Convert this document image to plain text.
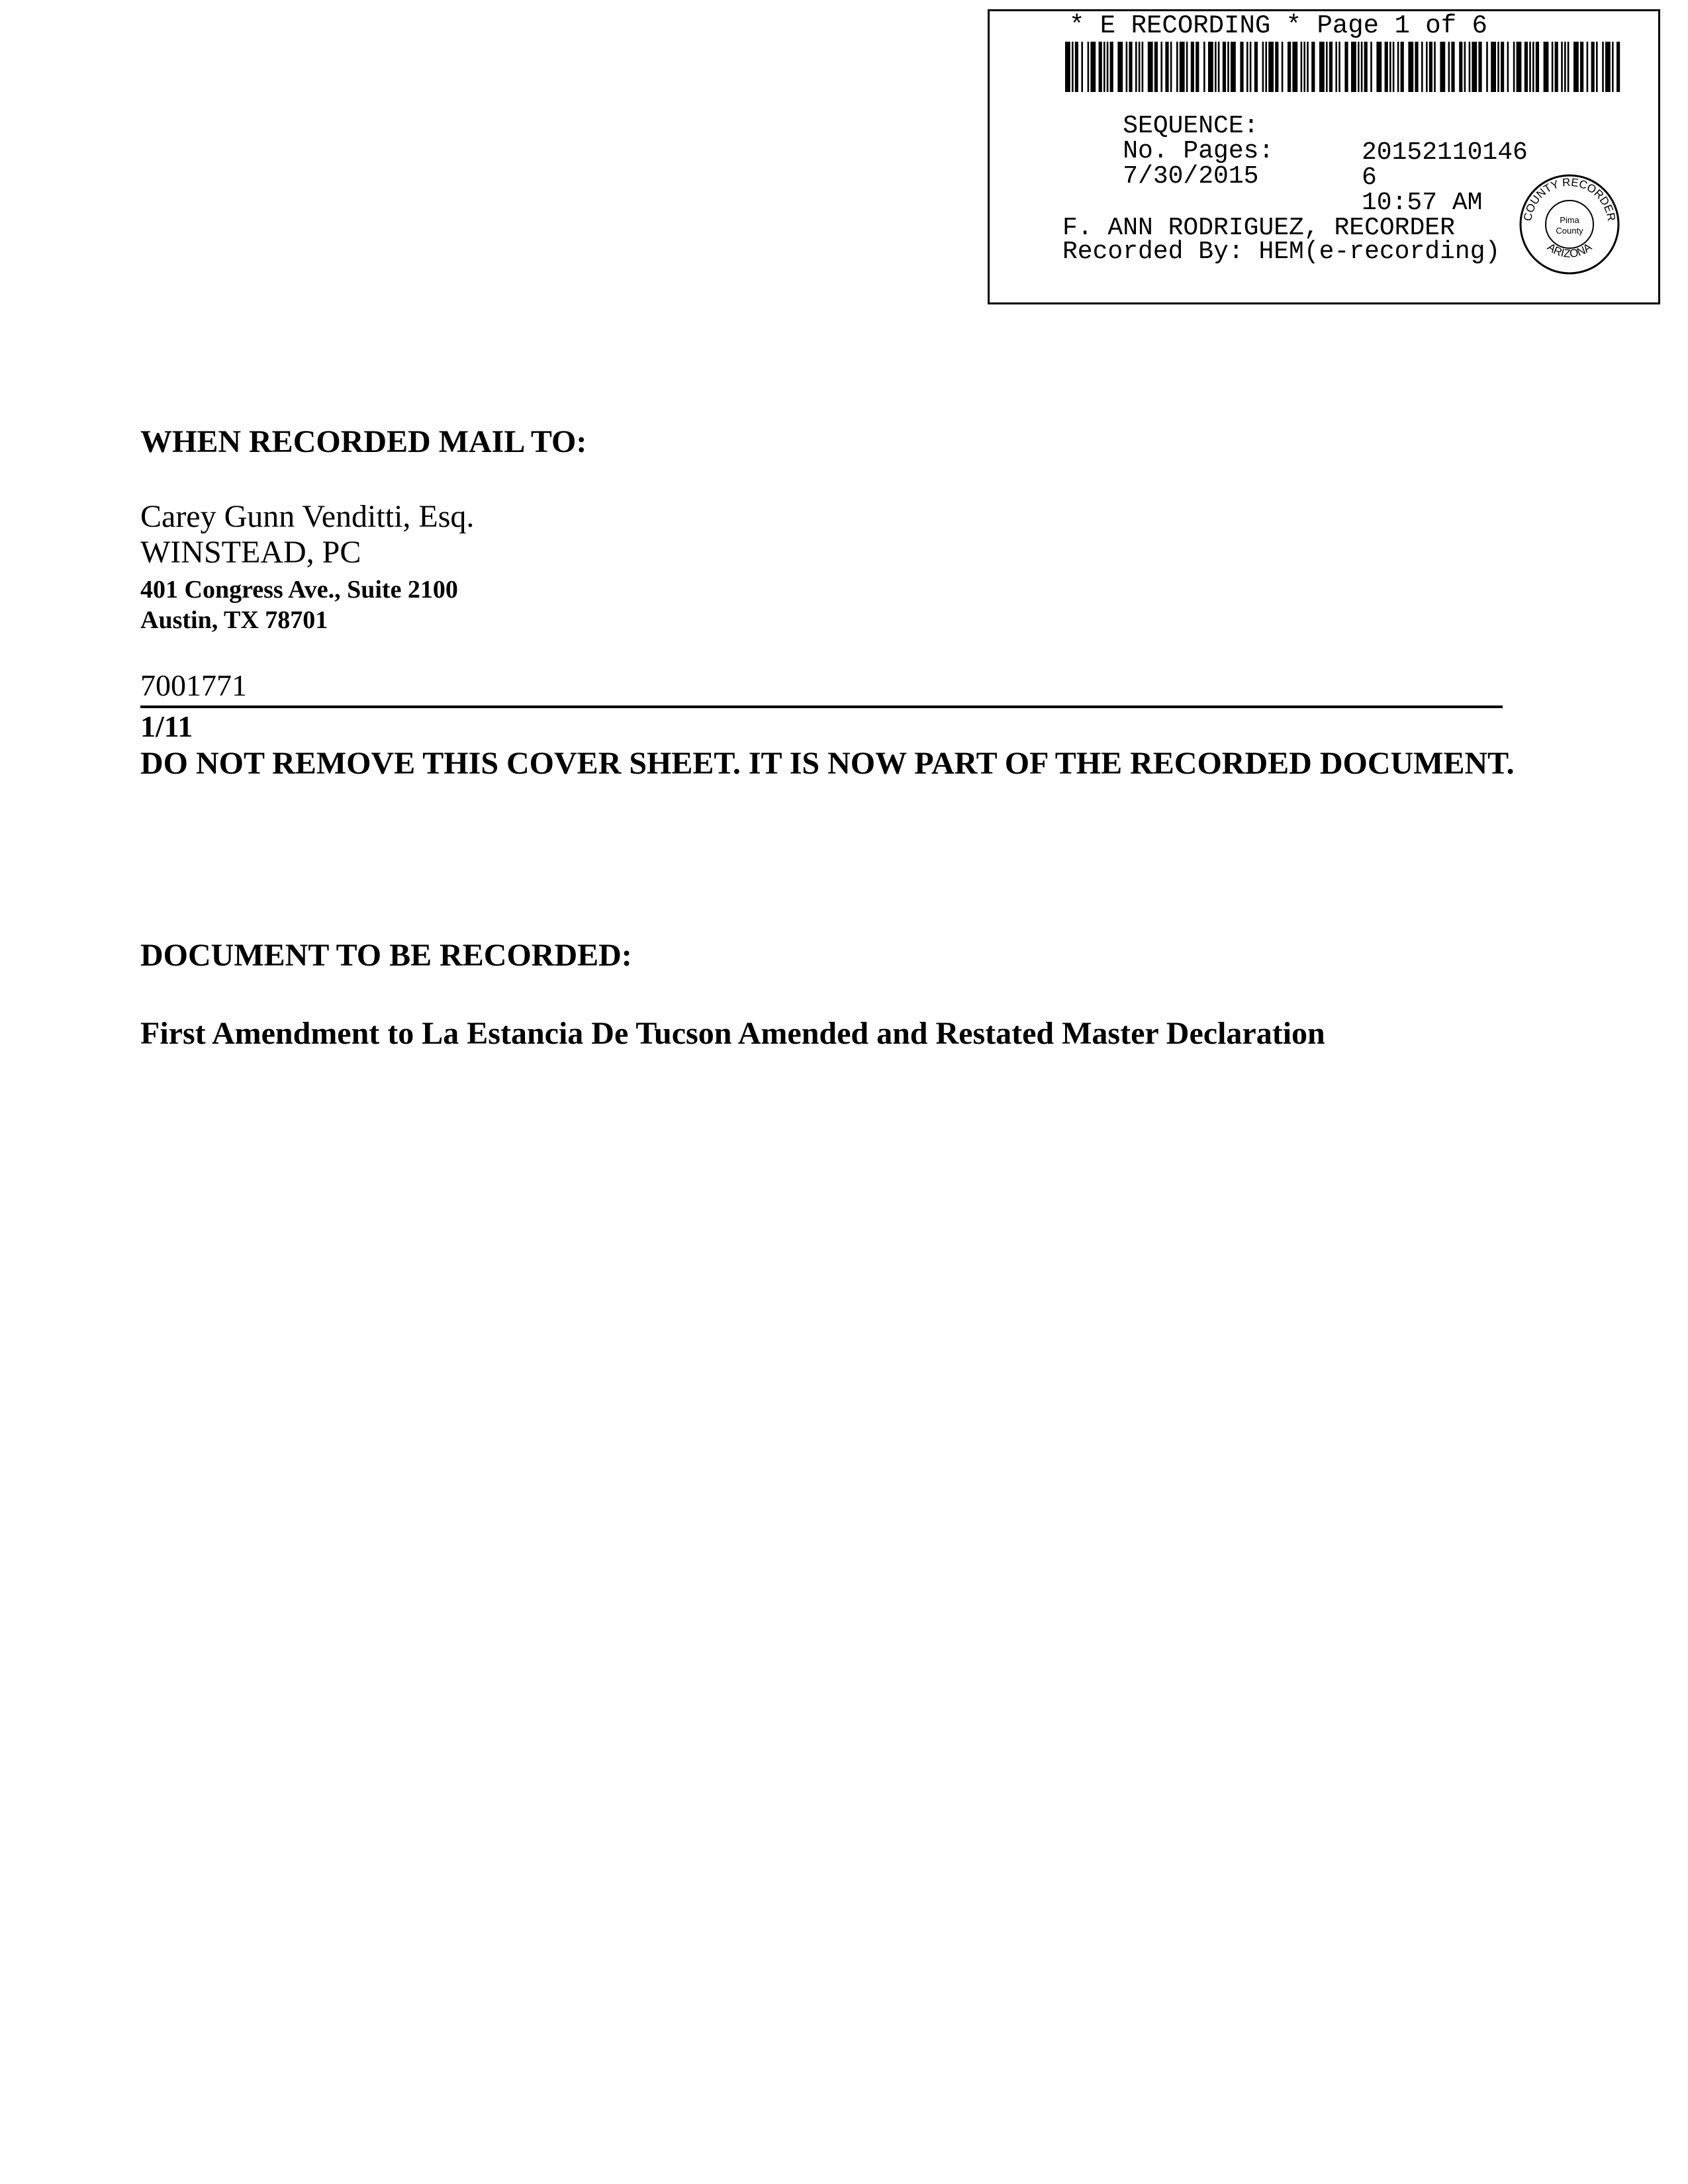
* E RECORDING * Page 1 of 6

SEQUENCE:

20152110146

No. Pages:

6

7/30/2015

10:57 AM

F. ANN RODRIGUEZ, RECORDER
Recorded By: HEM(e-recording)
COUNTY RECORDER
ARIZONA
Pima
County
WHEN RECORDED MAIL TO:
Carey Gunn Venditti, Esq.
WINSTEAD, PC
401 Congress Ave., Suite 2100
Austin, TX 78701
7001771
1/11
DO NOT REMOVE THIS COVER SHEET. IT IS NOW PART OF THE RECORDED DOCUMENT.
DOCUMENT TO BE RECORDED:
First Amendment to La Estancia De Tucson Amended and Restated Master Declaration
